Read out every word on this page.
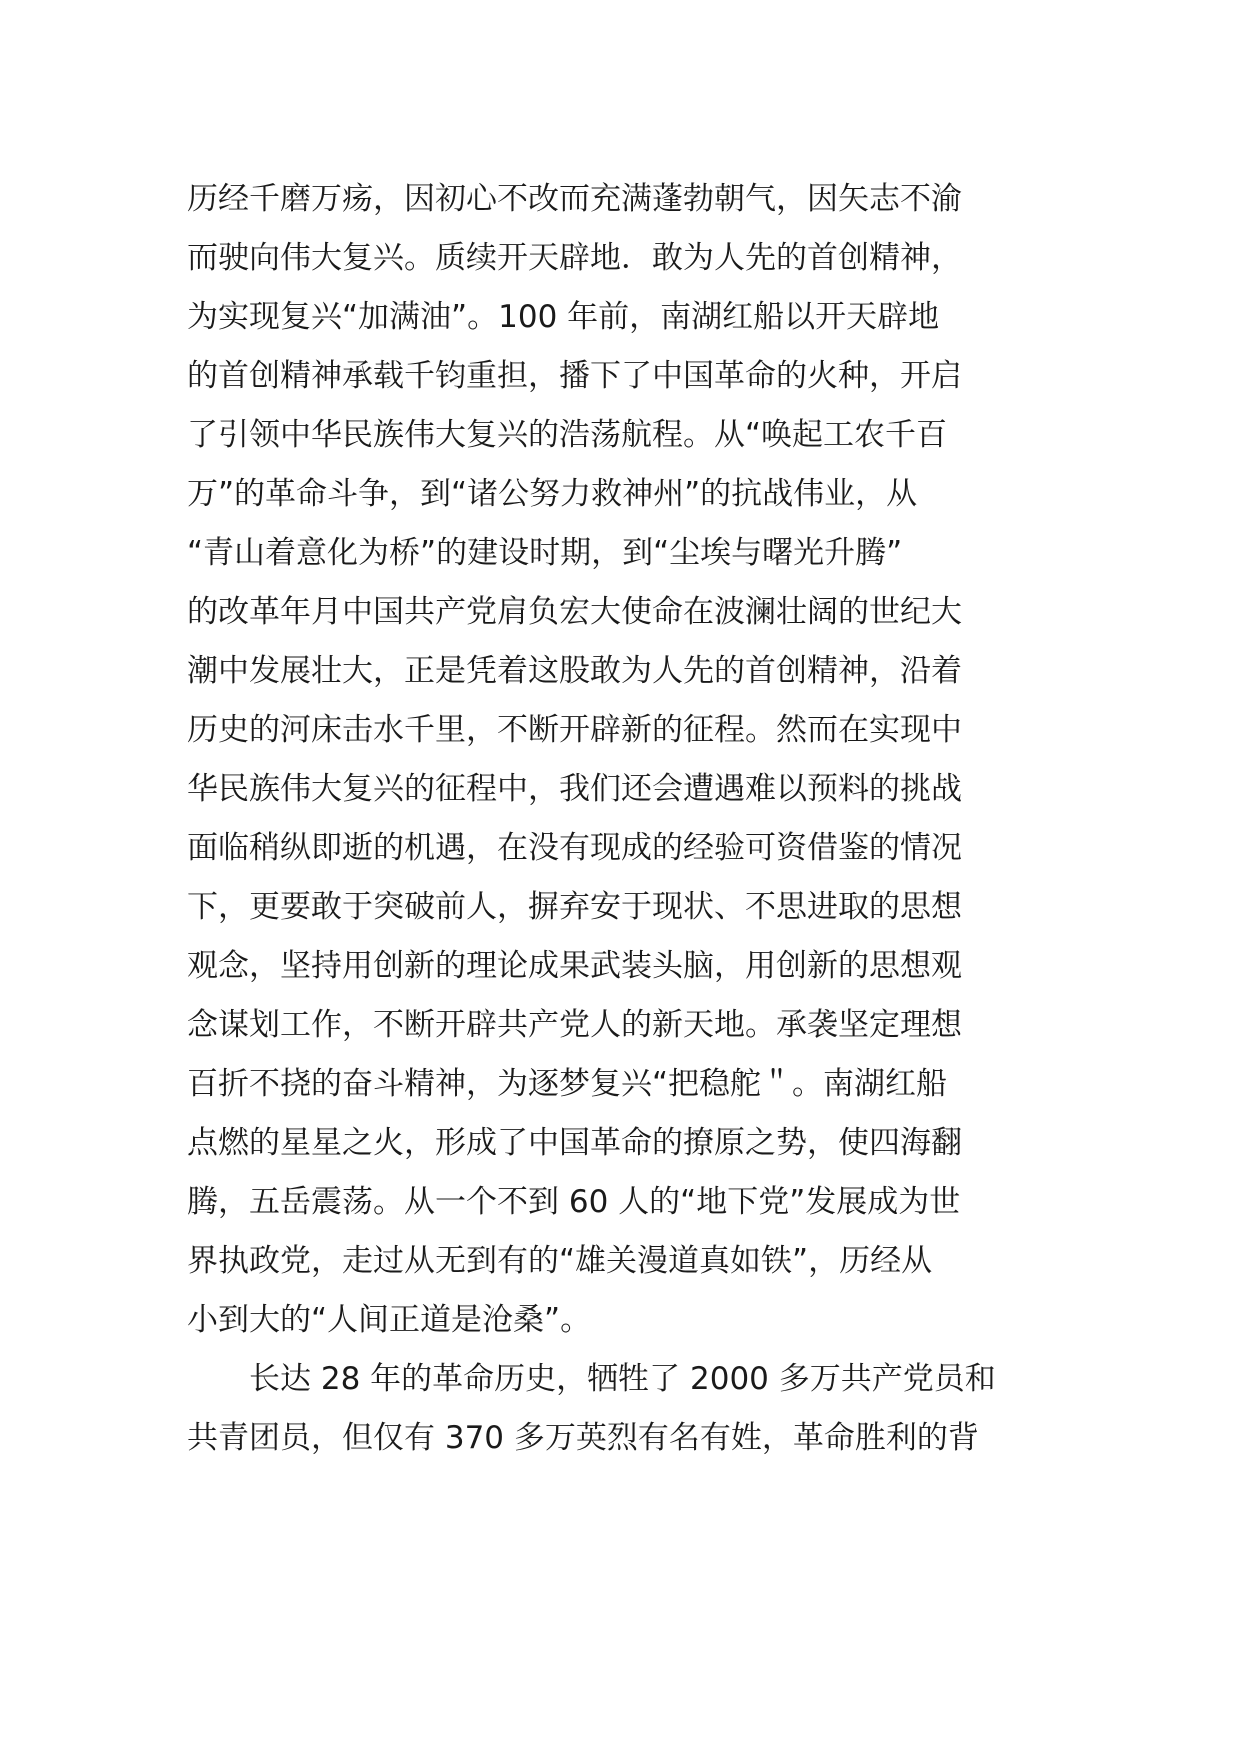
历经千磨万疡，因初心不改而充满蓬勃朝气，因矢志不渝
而驶向伟大复兴。质续开天辟地．敢为人先的首创精神，
为实现复兴“加满油”。100 年前，南湖红船以开天辟地
的首创精神承载千钧重担，播下了中国革命的火种，开启
了引领中华民族伟大复兴的浩荡航程。从“唤起工农千百
万”的革命斗争，到“诸公努力救神州”的抗战伟业，从
“青山着意化为桥”的建设时期，到“尘埃与曙光升腾”
的改革年月中国共产党肩负宏大使命在波澜壮阔的世纪大
潮中发展壮大，正是凭着这股敢为人先的首创精神，沿着
历史的河床击水千里，不断开辟新的征程。然而在实现中
华民族伟大复兴的征程中，我们还会遭遇难以预料的挑战
面临稍纵即逝的机遇，在没有现成的经验可资借鉴的情况
下，更要敢于突破前人，摒弃安于现状、不思进取的思想
观念，坚持用创新的理论成果武装头脑，用创新的思想观
念谋划工作，不断开辟共产党人的新天地。承袭坚定理想
百折不挠的奋斗精神，为逐梦复兴“把稳舵＂。南湖红船
点燃的星星之火，形成了中国革命的撩原之势，使四海翻
腾，五岳震荡。从一个不到 60 人的“地下党”发展成为世
界执政党，走过从无到有的“雄关漫道真如铁”，历经从
小到大的“人间正道是沧桑”。
长达 28 年的革命历史，牺牲了 2000 多万共产党员和
共青团员，但仅有 370 多万英烈有名有姓，革命胜利的背
